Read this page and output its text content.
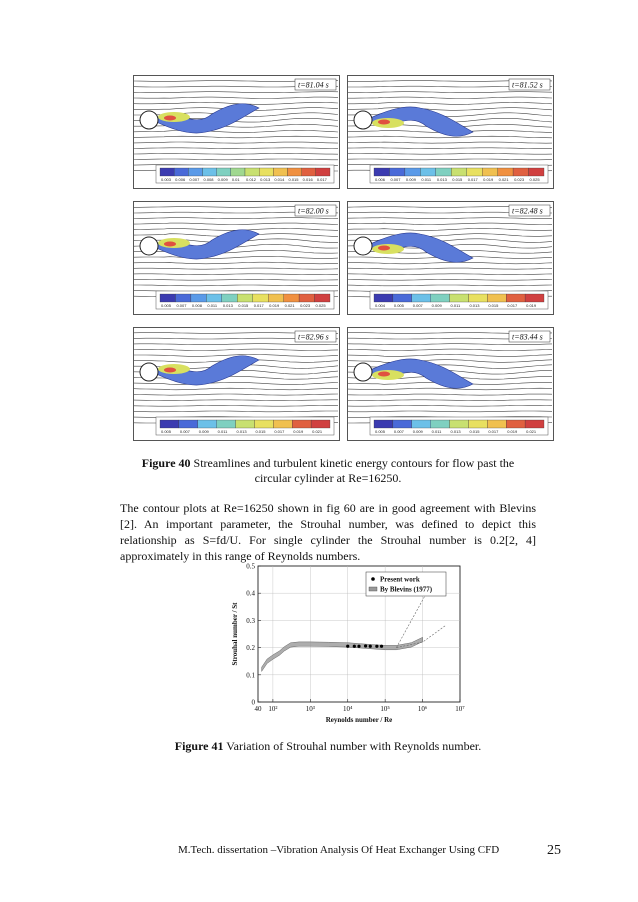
t=81.04 s
0.003 0.006 0.007 0.008 0.009 0.01 0.012 0.013 0.014 0.015 0.016 0.017
t=81.52 s
0.006 0.007 0.009 0.011 0.013 0.015 0.017 0.019 0.021 0.023 0.025
t=82.00 s
0.005 0.007 0.008 0.011 0.013 0.015 0.017 0.019 0.021 0.023 0.025
t=82.48 s
0.004 0.005 0.007 0.009 0.011 0.013 0.015 0.017 0.019
t=82.96 s
0.005 0.007 0.009 0.011 0.013 0.015 0.017 0.019 0.021
t=83.44 s
0.005 0.007 0.009 0.011 0.013 0.015 0.017 0.019 0.021
Figure 40 Streamlines and turbulent kinetic energy contours for flow past the
circular cylinder at Re=16250.
The contour plots at Re=16250 shown in fig 60 are in good agreement with Blevins [2]. An important parameter, the Strouhal number, was defined to depict this relationship as S=fd/U. For single cylinder the Strouhal number is 0.2[2, 4] approximately in this range of Reynolds numbers.
0
0.1
0.2
0.3
0.4
0.5
40 10²	10³	10⁴	10⁵	10⁶	10⁷
Present work
By Blevins (1977)
Reynolds number / Re
Strouhal number / St
Figure 41 Variation of Strouhal number with Reynolds number.
M.Tech. dissertation –Vibration Analysis Of Heat Exchanger Using CFD	25
